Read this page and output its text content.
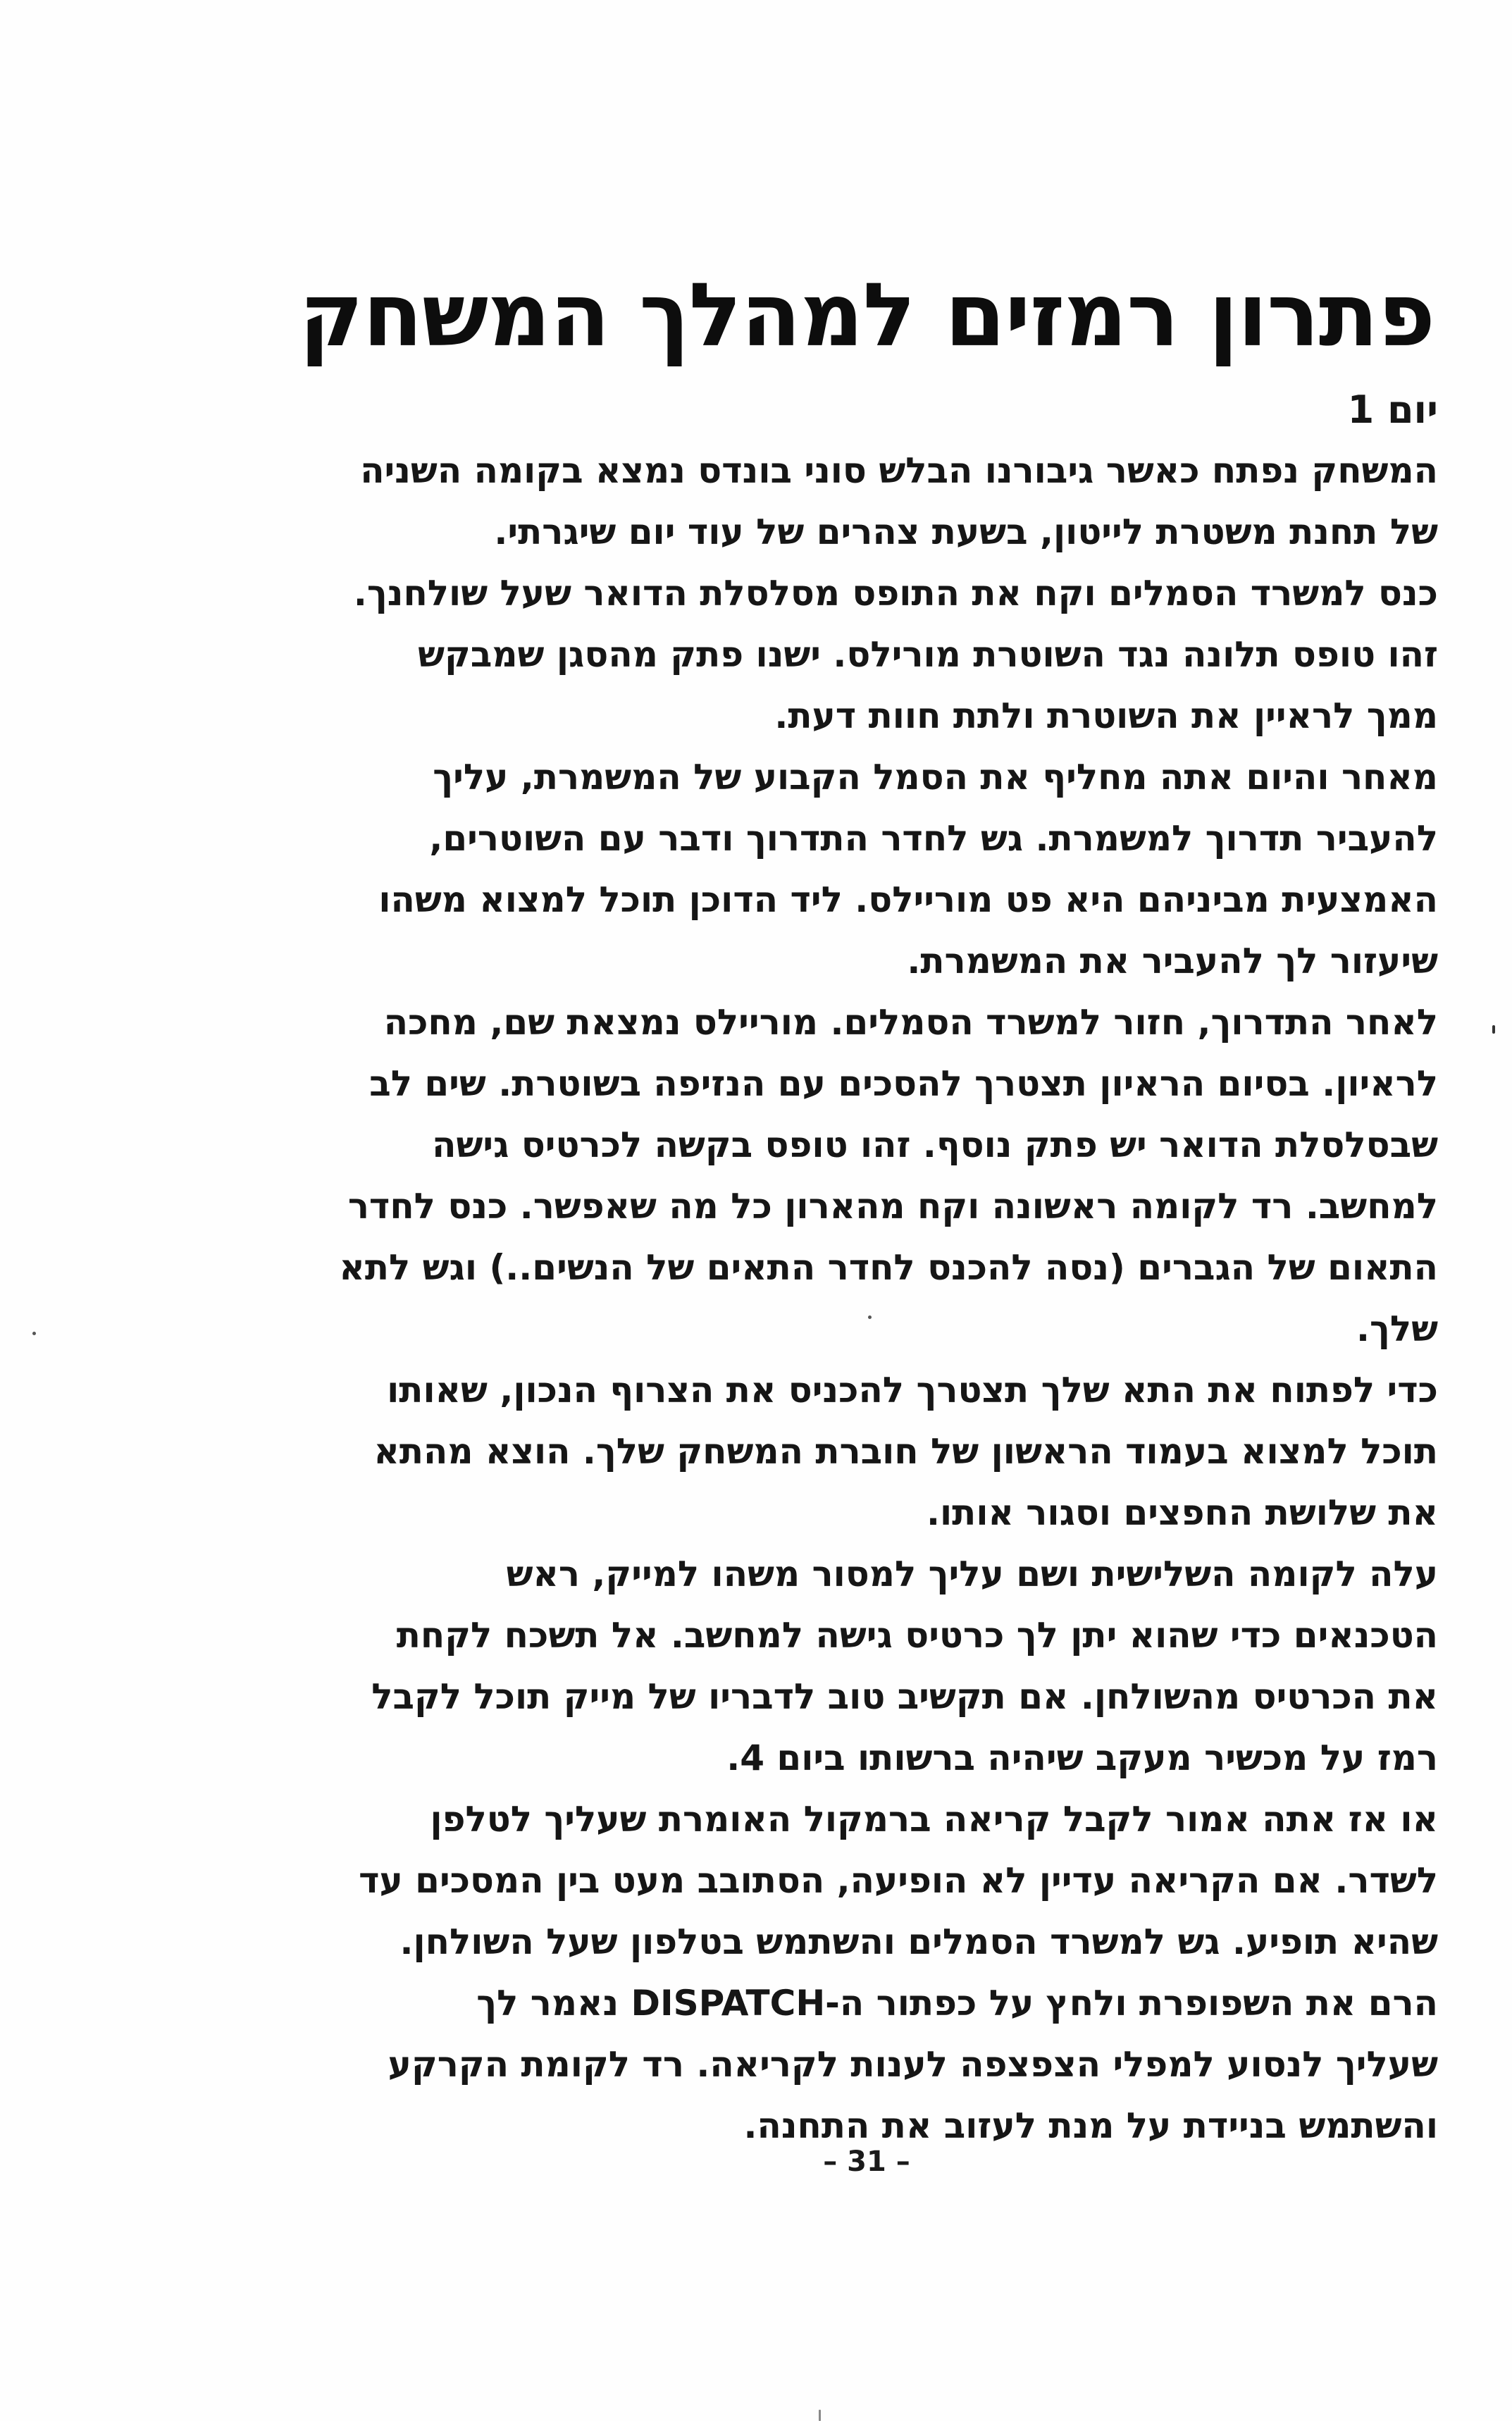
פתרון רמזים למהלך המשחק
יום 1
המשחק נפתח כאשר גיבורנו הבלש סוני בונדס נמצא בקומה השניה
של תחנת משטרת לייטון, בשעת צהרים של עוד יום שיגרתי.
כנס למשרד הסמלים וקח את התופס מסלסלת הדואר שעל שולחנך.
זהו טופס תלונה נגד השוטרת מורילס. ישנו פתק מהסגן שמבקש
ממך לראיין את השוטרת ולתת חוות דעת.
מאחר והיום אתה מחליף את הסמל הקבוע של המשמרת, עליך
להעביר תדרוך למשמרת. גש לחדר התדרוך ודבר עם השוטרים,
האמצעית מביניהם היא פט מוריילס. ליד הדוכן תוכל למצוא משהו
שיעזור לך להעביר את המשמרת.
לאחר התדרוך, חזור למשרד הסמלים. מוריילס נמצאת שם, מחכה
לראיון. בסיום הראיון תצטרך להסכים עם הנזיפה בשוטרת. שים לב
שבסלסלת הדואר יש פתק נוסף. זהו טופס בקשה לכרטיס גישה
למחשב. רד לקומה ראשונה וקח מהארון כל מה שאפשר. כנס לחדר
התאום של הגברים (נסה להכנס לחדר התאים של הנשים..) וגש לתא
שלך.
כדי לפתוח את התא שלך תצטרך להכניס את הצרוף הנכון, שאותו
תוכל למצוא בעמוד הראשון של חוברת המשחק שלך. הוצא מהתא
את שלושת החפצים וסגור אותו.
עלה לקומה השלישית ושם עליך למסור משהו למייק, ראש
הטכנאים כדי שהוא יתן לך כרטיס גישה למחשב. אל תשכח לקחת
את הכרטיס מהשולחן. אם תקשיב טוב לדבריו של מייק תוכל לקבל
רמז על מכשיר מעקב שיהיה ברשותו ביום 4.
או אז אתה אמור לקבל קריאה ברמקול האומרת שעליך לטלפן
לשדר. אם הקריאה עדיין לא הופיעה, הסתובב מעט בין המסכים עד
שהיא תופיע. גש למשרד הסמלים והשתמש בטלפון שעל השולחן.
הרם את השפופרת ולחץ על כפתור ה-DISPATCH נאמר לך
שעליך לנסוע למפלי הצפצפה לענות לקריאה. רד לקומת הקרקע
והשתמש בניידת על מנת לעזוב את התחנה.
– 31 –
